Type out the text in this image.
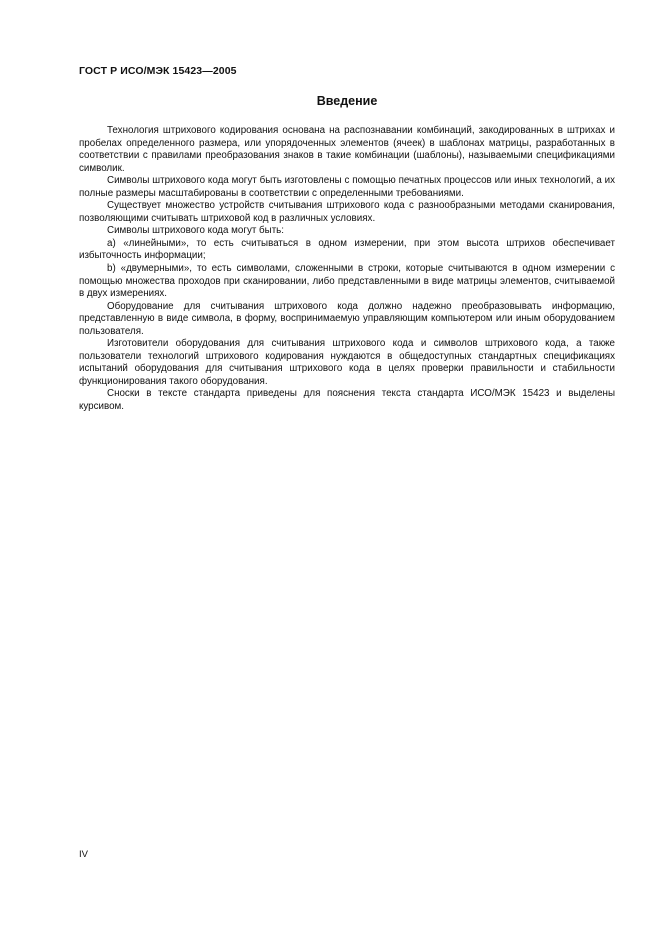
ГОСТ Р ИСО/МЭК 15423—2005
Введение

Технология штрихового кодирования основана на распознавании комбинаций, закодированных в штрихах и пробелах определенного размера, или упорядоченных элементов (ячеек) в шаблонах матрицы, разработанных в соответствии с правилами преобразования знаков в такие комбинации (шаблоны), называемыми спецификациями символик.

Символы штрихового кода могут быть изготовлены с помощью печатных процессов или иных технологий, а их полные размеры масштабированы в соответствии с определенными требованиями.

Существует множество устройств считывания штрихового кода с разнообразными методами сканирования, позволяющими считывать штриховой код в различных условиях.

Символы штрихового кода могут быть:

а) «линейными», то есть считываться в одном измерении, при этом высота штрихов обеспечивает избыточность информации;

b) «двумерными», то есть символами, сложенными в строки, которые считываются в одном измерении с помощью множества проходов при сканировании, либо представленными в виде матрицы элементов, считываемой в двух измерениях.

Оборудование для считывания штрихового кода должно надежно преобразовывать информацию, представленную в виде символа, в форму, воспринимаемую управляющим компьютером или иным оборудованием пользователя.

Изготовители оборудования для считывания штрихового кода и символов штрихового кода, а также пользователи технологий штрихового кодирования нуждаются в общедоступных стандартных спецификациях испытаний оборудования для считывания штрихового кода в целях проверки правильности и стабильности функционирования такого оборудования.

Сноски в тексте стандарта приведены для пояснения текста стандарта ИСО/МЭК 15423 и выделены курсивом.

IV
